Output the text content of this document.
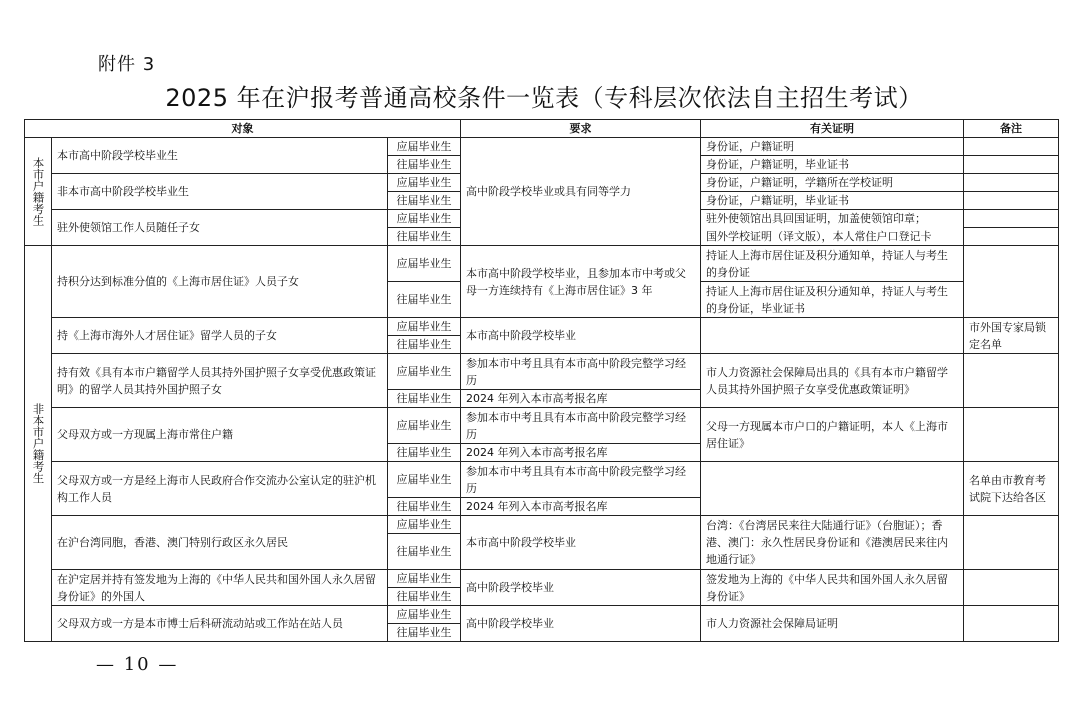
附件 3
2025 年在沪报考普通高校条件一览表（专科层次依法自主招生考试）
对象			要求	有关证明	备注

本市户籍考生	本市高中阶段学校毕业生	应届毕业生	高中阶段学校毕业或具有同等学力	身份证，户籍证明	
		往届毕业生		身份证，户籍证明，毕业证书	
	非本市高中阶段学校毕业生	应届毕业生		身份证，户籍证明，学籍所在学校证明	
		往届毕业生		身份证，户籍证明，毕业证书	
	驻外使领馆工作人员随任子女	应届毕业生		驻外使领馆出具回国证明，加盖使领馆印章；	
		往届毕业生		国外学校证明（译文版），本人常住户口登记卡	

非本市户籍考生	持积分达到标准分值的《上海市居住证》人员子女	应届毕业生	本市高中阶段学校毕业，且参加本市中考或父母一方连续持有《上海市居住证》3 年	持证人上海市居住证及积分通知单，持证人与考生的身份证	
		往届毕业生		持证人上海市居住证及积分通知单，持证人与考生的身份证，毕业证书	
	持《上海市海外人才居住证》留学人员的子女	应届毕业生	本市高中阶段学校毕业		市外国专家局锁定名单
		往届毕业生			
	持有效《具有本市户籍留学人员其持外国护照子女享受优惠政策证明》的留学人员其持外国护照子女	应届毕业生	参加本市中考且具有本市高中阶段完整学习经历	市人力资源社会保障局出具的《具有本市户籍留学人员其持外国护照子女享受优惠政策证明》	
		往届毕业生	2024 年列入本市高考报名库		
	父母双方或一方现属上海市常住户籍	应届毕业生	参加本市中考且具有本市高中阶段完整学习经历	父母一方现属本市户口的户籍证明，本人《上海市居住证》	
		往届毕业生	2024 年列入本市高考报名库		
	父母双方或一方是经上海市人民政府合作交流办公室认定的驻沪机构工作人员	应届毕业生	参加本市中考且具有本市高中阶段完整学习经历		名单由市教育考试院下达给各区
		往届毕业生	2024 年列入本市高考报名库		
	在沪台湾同胞，香港、澳门特别行政区永久居民	应届毕业生	本市高中阶段学校毕业	台湾：《台湾居民来往大陆通行证》（台胞证）；香港、澳门：永久性居民身份证和《港澳居民来往内地通行证》	
		往届毕业生			
	在沪定居并持有签发地为上海的《中华人民共和国外国人永久居留身份证》的外国人	应届毕业生	高中阶段学校毕业	签发地为上海的《中华人民共和国外国人永久居留身份证》	
		往届毕业生			
	父母双方或一方是本市博士后科研流动站或工作站在站人员	应届毕业生	高中阶段学校毕业	市人力资源社会保障局证明	
		往届毕业生			
— 10 —
